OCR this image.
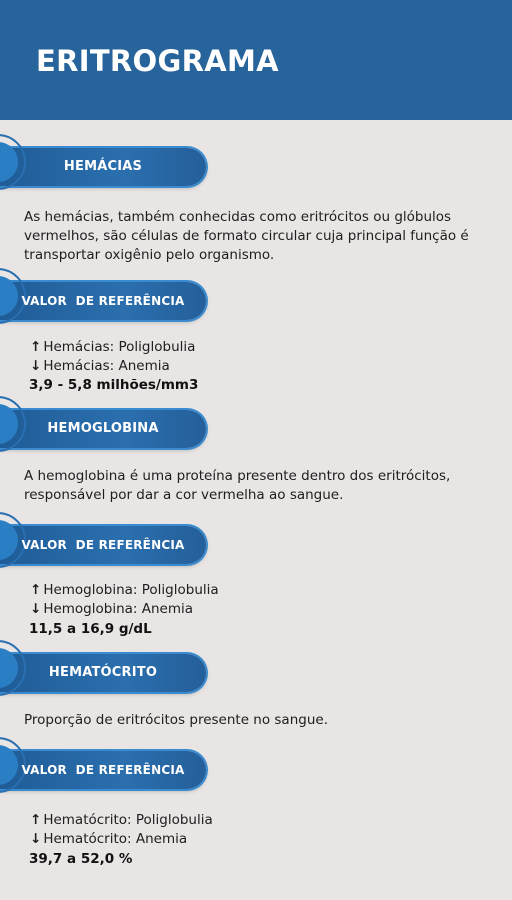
ERITROGRAMA
HEMÁCIAS

As hemácias, também conhecidas como eritrócitos ou glóbulos vermelhos, são células de formato circular cuja principal função é transportar oxigênio pelo organismo.

VALOR  DE REFERÊNCIA
↑ Hemácias: Poliglobulia
↓ Hemácias: Anemia
3,9 - 5,8 milhões/mm3
HEMOGLOBINA

A hemoglobina é uma proteína presente dentro dos eritrócitos, responsável por dar a cor vermelha ao sangue.

VALOR  DE REFERÊNCIA
↑ Hemoglobina: Poliglobulia
↓ Hemoglobina: Anemia
11,5 a 16,9 g/dL
HEMATÓCRITO

Proporção de eritrócitos presente no sangue.

VALOR  DE REFERÊNCIA
↑ Hematócrito: Poliglobulia
↓ Hematócrito: Anemia
39,7 a 52,0 %
